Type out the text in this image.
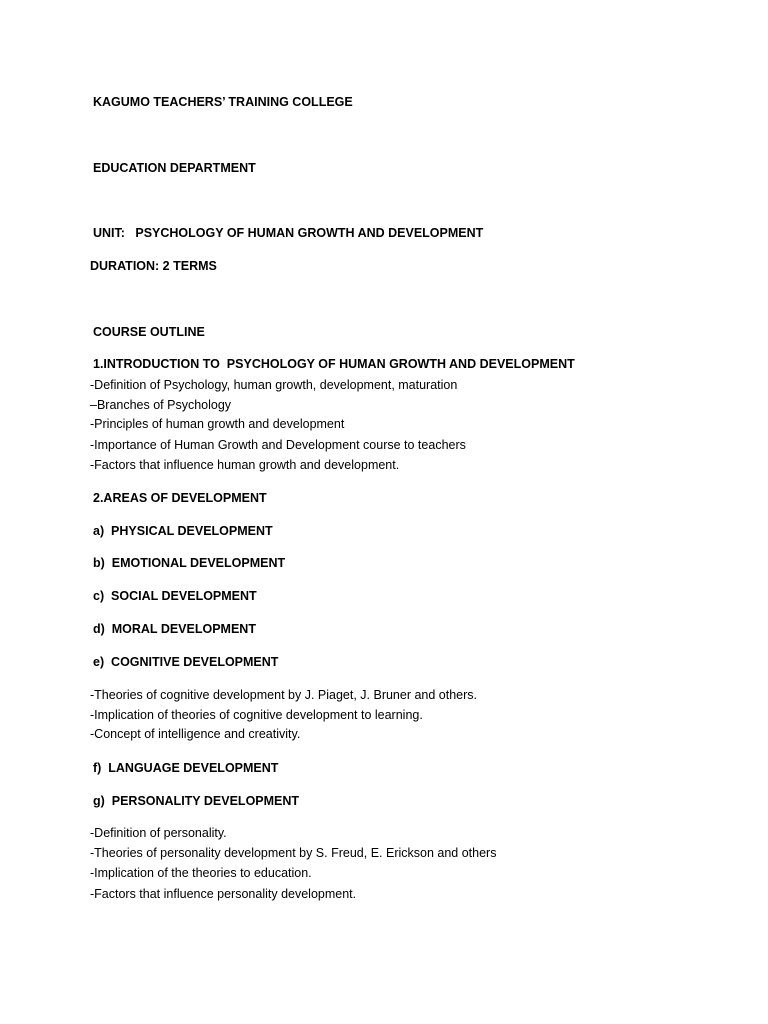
KAGUMO TEACHERS’ TRAINING COLLEGE
EDUCATION DEPARTMENT
UNIT:   PSYCHOLOGY OF HUMAN GROWTH AND DEVELOPMENT
DURATION: 2 TERMS
COURSE OUTLINE
1.INTRODUCTION TO  PSYCHOLOGY OF HUMAN GROWTH AND DEVELOPMENT
-Definition of Psychology, human growth, development, maturation
–Branches of Psychology
-Principles of human growth and development
-Importance of Human Growth and Development course to teachers
-Factors that influence human growth and development.
2.AREAS OF DEVELOPMENT
a)  PHYSICAL DEVELOPMENT
b)  EMOTIONAL DEVELOPMENT
c)  SOCIAL DEVELOPMENT
d)  MORAL DEVELOPMENT
e)  COGNITIVE DEVELOPMENT
-Theories of cognitive development by J. Piaget, J. Bruner and others.
-Implication of theories of cognitive development to learning.
-Concept of intelligence and creativity.
f)  LANGUAGE DEVELOPMENT
g)  PERSONALITY DEVELOPMENT
-Definition of personality.
-Theories of personality development by S. Freud, E. Erickson and others
-Implication of the theories to education.
-Factors that influence personality development.
